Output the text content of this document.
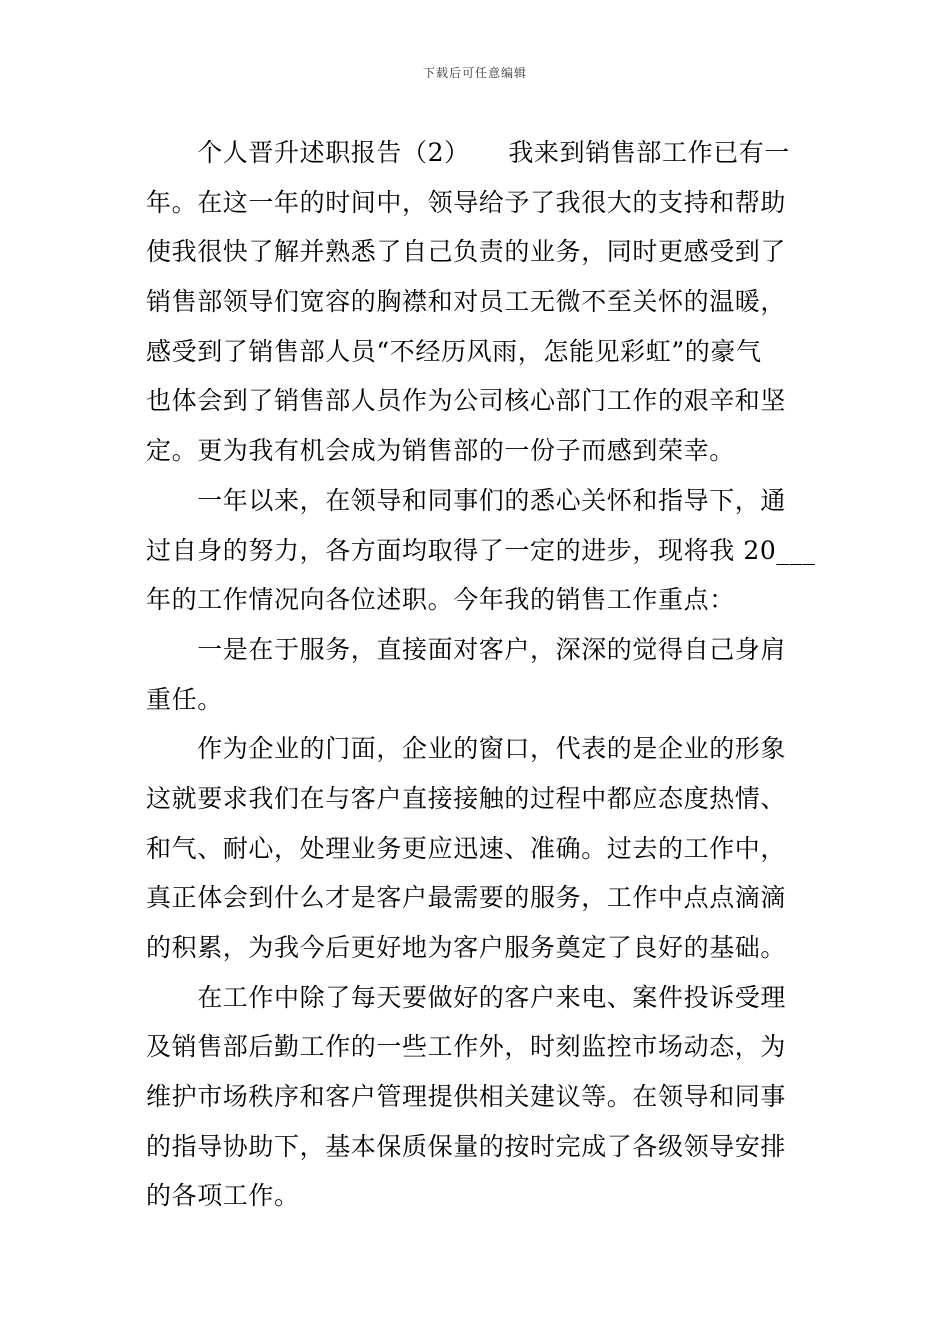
下载后可任意编辑
　　个人晋升述职报告（2）　　我来到销售部工作已有一
年。在这一年的时间中，领导给予了我很大的支持和帮助
使我很快了解并熟悉了自己负责的业务，同时更感受到了
销售部领导们宽容的胸襟和对员工无微不至关怀的温暖，
感受到了销售部人员“不经历风雨，怎能见彩虹”的豪气
也体会到了销售部人员作为公司核心部门工作的艰辛和坚
定。更为我有机会成为销售部的一份子而感到荣幸。
　　一年以来，在领导和同事们的悉心关怀和指导下，通
过自身的努力，各方面均取得了一定的进步，现将我 20___
年的工作情况向各位述职。今年我的销售工作重点：
　　一是在于服务，直接面对客户，深深的觉得自己身肩
重任。
　　作为企业的门面，企业的窗口，代表的是企业的形象
这就要求我们在与客户直接接触的过程中都应态度热情、
和气、耐心，处理业务更应迅速、准确。过去的工作中，
真正体会到什么才是客户最需要的服务，工作中点点滴滴
的积累，为我今后更好地为客户服务奠定了良好的基础。
　　在工作中除了每天要做好的客户来电、案件投诉受理
及销售部后勤工作的一些工作外，时刻监控市场动态，为
维护市场秩序和客户管理提供相关建议等。在领导和同事
的指导协助下，基本保质保量的按时完成了各级领导安排
的各项工作。
